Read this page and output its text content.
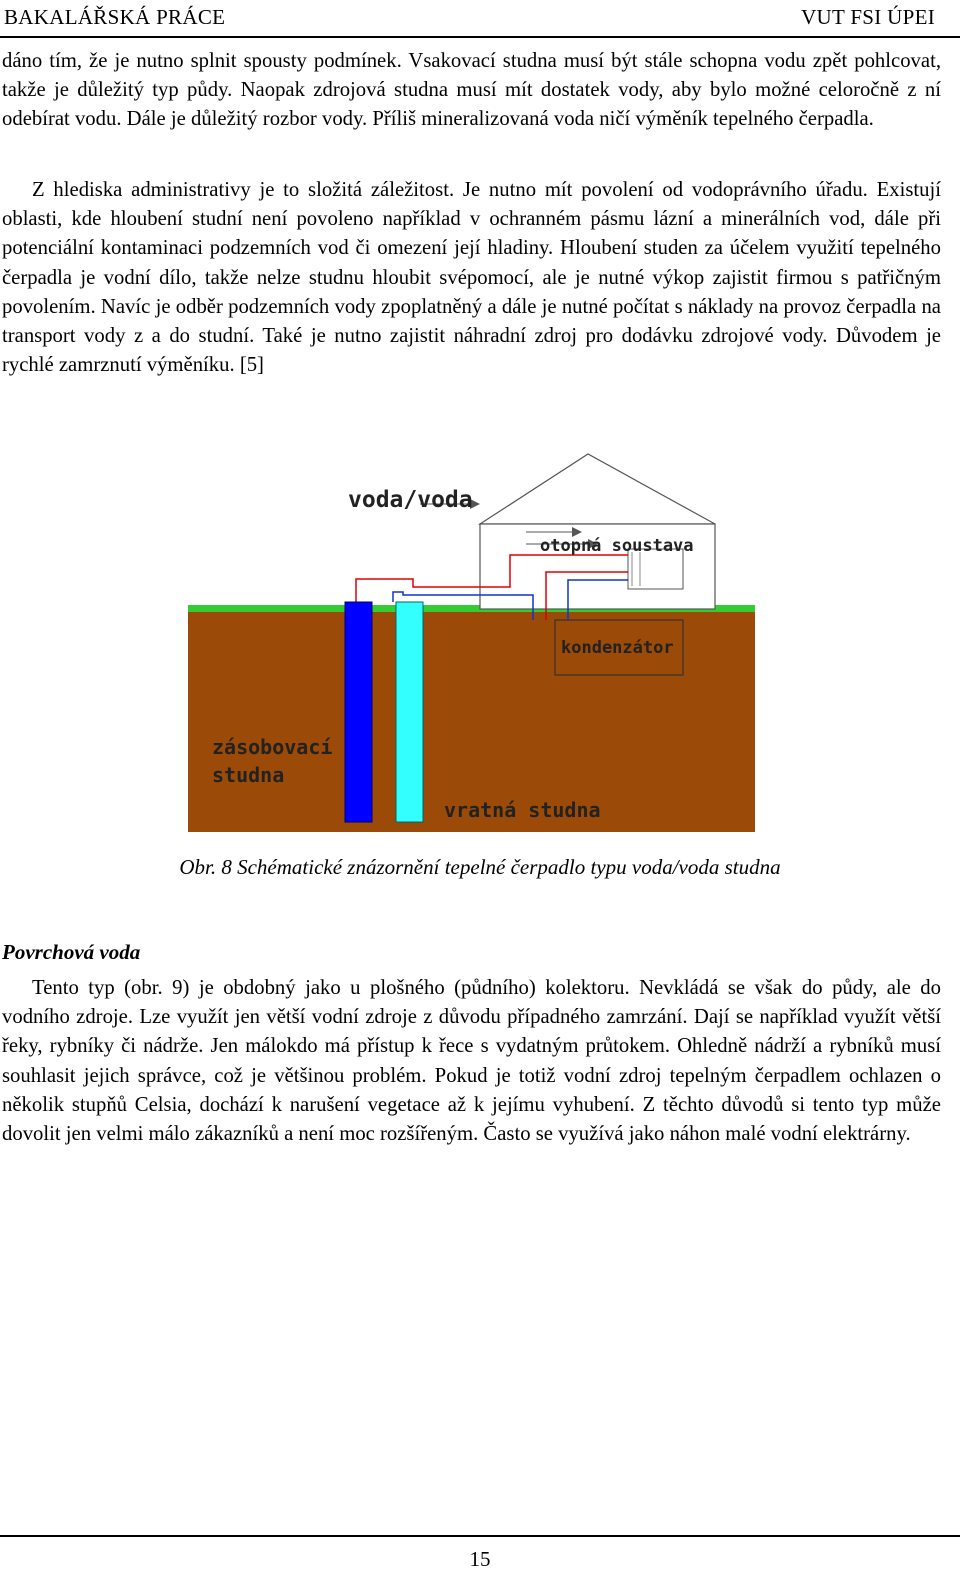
BAKALÁŘSKÁ PRÁCE	VUT FSI ÚPEI
dáno tím, že je nutno splnit spousty podmínek. Vsakovací studna musí být stále schopna vodu zpět pohlcovat, takže je důležitý typ půdy. Naopak zdrojová studna musí mít dostatek vody, aby bylo možné celoročně z ní odebírat vodu. Dále je důležitý rozbor vody. Příliš mineralizovaná voda ničí výměník tepelného čerpadla.
Z hlediska administrativy je to složitá záležitost. Je nutno mít povolení od vodoprávního úřadu. Existují oblasti, kde hloubení studní není povoleno například v ochranném pásmu lázní a minerálních vod, dále při potenciální kontaminaci podzemních vod či omezení její hladiny. Hloubení studen za účelem využití tepelného čerpadla je vodní dílo, takže nelze studnu hloubit svépomocí, ale je nutné výkop zajistit firmou s patřičným povolením. Navíc je odběr podzemních vody zpoplatněný a dále je nutné počítat s náklady na provoz čerpadla na transport vody z a do studní. Také je nutno zajistit náhradní zdroj pro dodávku zdrojové vody. Důvodem je rychlé zamrznutí výměníku. [5]
voda/voda
otopná soustava
kondenzátor
zásobovací
studna
vratná studna
Obr. 8 Schématické znázornění tepelné čerpadlo typu voda/voda studna
Povrchová voda
Tento typ (obr. 9) je obdobný jako u plošného (půdního) kolektoru. Nevkládá se však do půdy, ale do vodního zdroje. Lze využít jen větší vodní zdroje z důvodu případného zamrzání. Dají se například využít větší řeky, rybníky či nádrže. Jen málokdo má přístup k řece s vydatným průtokem. Ohledně nádrží a rybníků musí souhlasit jejich správce, což je většinou problém. Pokud je totiž vodní zdroj tepelným čerpadlem ochlazen o několik stupňů Celsia, dochází k narušení vegetace až k jejímu vyhubení. Z těchto důvodů si tento typ může dovolit jen velmi málo zákazníků a není moc rozšířeným. Často se využívá jako náhon malé vodní elektrárny.
15
